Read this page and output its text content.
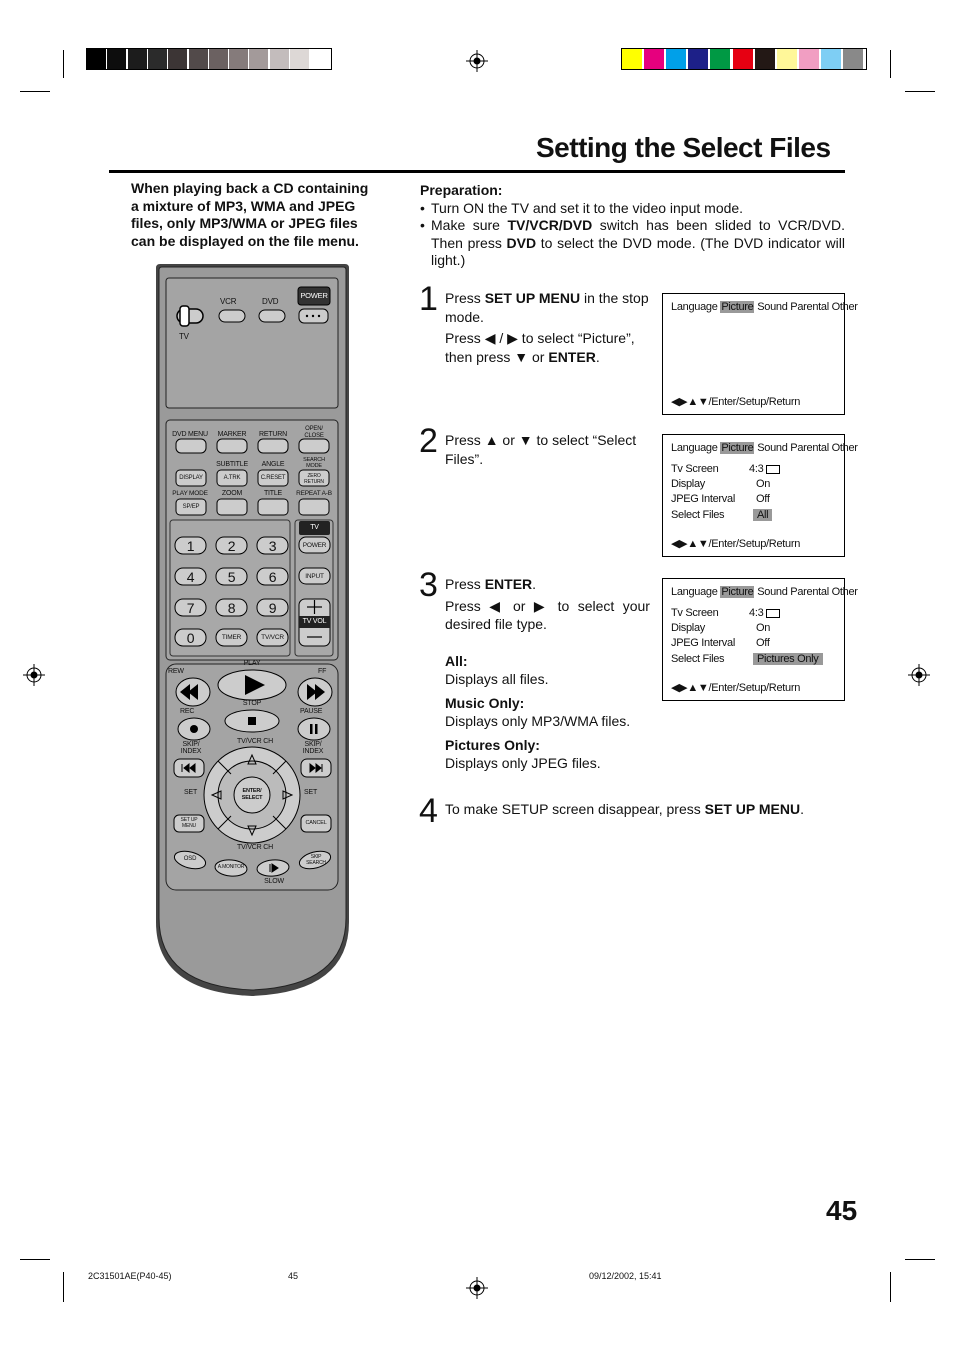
Setting the Select Files
When playing back a CD containing a mixture of MP3, WMA and JPEG files, only MP3/WMA or JPEG files can be displayed on the file menu.
Preparation:
• Turn ON the TV and set it to the video input mode.
• Make sure TV/VCR/DVD switch has been slided to VCR/DVD. Then press DVD to select the DVD mode. (The DVD indicator will light.)
1 Press SET UP MENU in the stop mode.
Press ◀ / ▶ to select “Picture”, then press ▼ or ENTER.
Language Picture Sound Parental Other
◀▶▲▼/Enter/Setup/Return
2 Press ▲ or ▼ to select “Select Files”.
Language Picture Sound Parental Other
Tv Screen	4:3
Display	On
JPEG Interval Off
Select Files	All
◀▶▲▼/Enter/Setup/Return
3 Press ENTER.
Press ◀ or ▶ to select your desired file type.
All:
Displays all files.
Music Only:
Displays only MP3/WMA files.
Pictures Only:
Displays only JPEG files.
Language Picture Sound Parental Other
Tv Screen	4:3
Display	On
JPEG Interval Off
Select Files	Pictures Only
◀▶▲▼/Enter/Setup/Return
4 To make SETUP screen disappear, press SET UP MENU.
VCR	DVD
POWER
TV
DVD MENU	MARKER	RETURN
OPEN/ CLOSE
SUBTITLE	ANGLE
SEARCH MODE
DISPLAY	A.TRK	C.RESET	ZERO RETURN
PLAY MODE	ZOOM	TITLE	REPEAT A-B
SP/EP
TV
POWER
INPUT
TV VOL
1	2	3
4	5	6
7	8	9
0	TIMER	TV/VCR
PLAY
REW	FF
STOP
REC	PAUSE
SKIP/ INDEX
SKIP/ INDEX
TV/VCR CH
TV/VCR CH
SET	SET
ENTER/ SELECT
SET UP MENU	CANCEL
OSD
A.MONITOR
SKIP SEARCH
SLOW
45
2C31501AE(P40-45)	45	09/12/2002, 15:41
